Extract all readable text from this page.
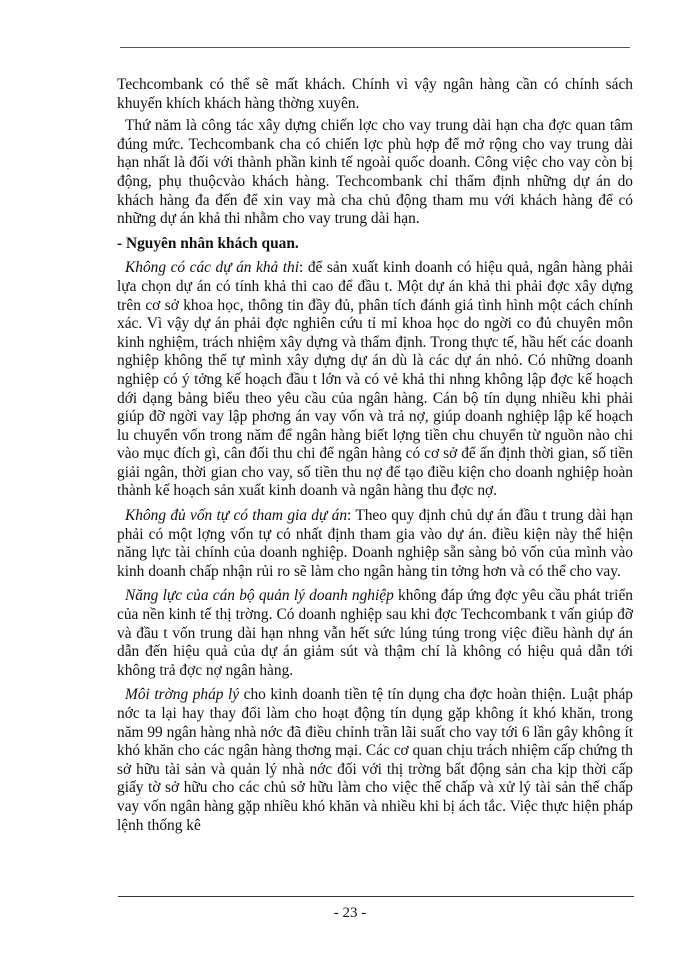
Techcombank có thể sẽ mất khách. Chính vì vậy ngân hàng cần có chính sách khuyến khích khách hàng thờng xuyên.

Thứ năm là công tác xây dựng chiến lợc cho vay trung dài hạn cha đợc quan tâm đúng mức. Techcombank cha có chiến lợc phù hợp để mở rộng cho vay trung dài hạn nhất là đối với thành phần kinh tế ngoài quốc doanh. Công việc cho vay còn bị động, phụ thuộcvào khách hàng. Techcombank chỉ thẩm định những dự án do khách hàng đa đến để xin vay mà cha chủ động tham mu với khách hàng để có những dự án khả thi nhằm cho vay trung dài hạn.

- Nguyên nhân khách quan.

Không có các dự án khả thi: để sản xuất kinh doanh có hiệu quả, ngân hàng phải lựa chọn dự án có tính khả thi cao để đầu t. Một dự án khả thi phải đợc xây dựng trên cơ sở khoa học, thông tin đầy đủ, phân tích đánh giá tình hình một cách chính xác. Vì vậy dự án phải đợc nghiên cứu tỉ mỉ khoa học do ngời co đủ chuyên môn kinh nghiệm, trách nhiệm xây dựng và thẩm định. Trong thực tế, hầu hết các doanh nghiệp không thể tự mình xây dựng dự án dù là các dự án nhỏ. Có những doanh nghiệp có ý tởng kế hoạch đầu t lớn và có vẻ khả thi nhng không lập đợc kế hoạch dới dạng bảng biểu theo yêu cầu của ngân hàng. Cán bộ tín dụng nhiều khi phải giúp đỡ ngời vay lập phơng án vay vốn và trả nợ, giúp doanh nghiệp lập kế hoạch lu chuyển vốn trong năm để ngân hàng biết lợng tiền chu chuyển từ nguồn nào chi vào mục đích gì, cân đối thu chi để ngân hàng có cơ sở để ấn định thời gian, số tiền giải ngân, thời gian cho vay, số tiền thu nợ để tạo điều kiện cho doanh nghiệp hoàn thành kế hoạch sản xuất kinh doanh và ngân hàng thu đợc nợ.

Không đủ vốn tự có tham gia dự án: Theo quy định chủ dự án đầu t trung dài hạn phải có một lợng vốn tự có nhất định tham gia vào dự án. điều kiện này thể hiện năng lực tài chính của doanh nghiệp. Doanh nghiệp sẵn sàng bỏ vốn của mình vào kinh doanh chấp nhận rủi ro sẽ làm cho ngân hàng tin tởng hơn và có thể cho vay.

Năng lực của cán bộ quản lý doanh nghiệp không đáp ứng đợc yêu cầu phát triển của nền kinh tế thị trờng. Có doanh nghiệp sau khi đợc Techcombank t vấn giúp đỡ và đầu t vốn trung dài hạn nhng vẫn hết sức lúng túng trong việc điều hành dự án dẫn đến hiệu quả của dự án giảm sút và thậm chí là không có hiệu quả dẫn tới không trả đợc nợ ngân hàng.

Môi trờng pháp lý cho kinh doanh tiền tệ tín dụng cha đợc hoàn thiện. Luật pháp nớc ta lại hay thay đổi làm cho hoạt động tín dụng gặp không ít khó khăn, trong năm 99 ngân hàng nhà nớc đã điều chỉnh trần lãi suất cho vay tới 6 lần gây không ít khó khăn cho các ngân hàng thơng mại. Các cơ quan chịu trách nhiệm cấp chứng th sở hữu tài sản và quản lý nhà nớc đối với thị trờng bất động sản cha kịp thời cấp giấy tờ sở hữu cho các chủ sở hữu làm cho việc thế chấp và xử lý tài sản thế chấp vay vốn ngân hàng gặp nhiều khó khăn và nhiều khi bị ách tắc. Việc thực hiện pháp lệnh thống kê

- 23 -
